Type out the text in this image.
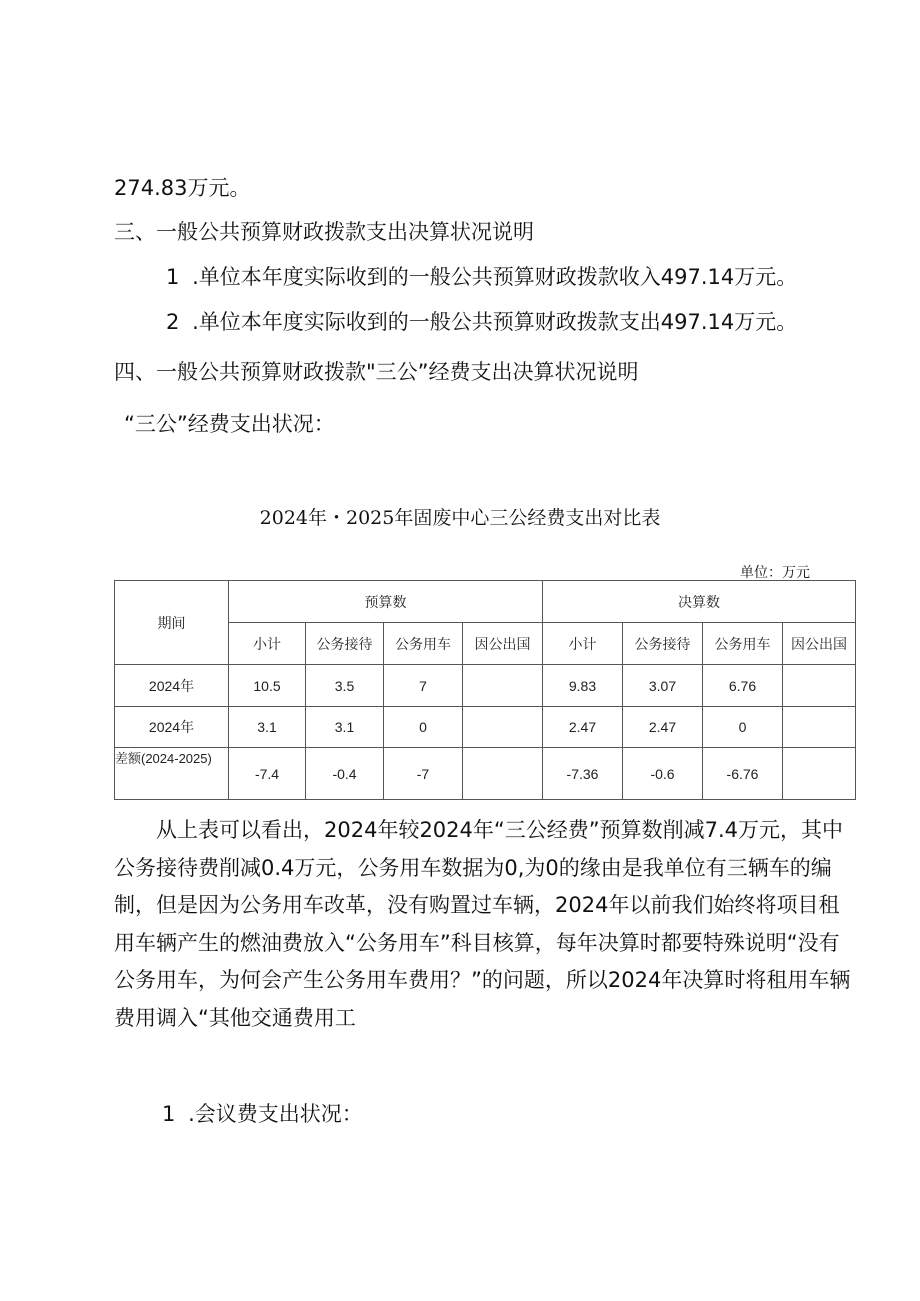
274.83万元。
三、一般公共预算财政拨款支出决算状况说明
1 .单位本年度实际收到的一般公共预算财政拨款收入497.14万元。
2 .单位本年度实际收到的一般公共预算财政拨款支出497.14万元。
四、一般公共预算财政拨款"三公”经费支出决算状况说明
“三公”经费支出状况：
2024年・2025年固废中心三公经费支出对比表
单位：万元
期间	预算数				决算数			
	小计	公务接待	公务用车	因公出国	小计	公务接待	公务用车	因公出国
2024年	10.5	3.5	7		9.83	3.07	6.76	
2024年	3.1	3.1	0		2.47	2.47	0	
差额(2024-2025)	-7.4	-0.4	-7		-7.36	-0.6	-6.76	
从上表可以看出，2024年较2024年“三公经费”预算数削减7.4万元，其中公务接待费削减0.4万元，公务用车数据为0,为0的缘由是我单位有三辆车的编制，但是因为公务用车改革，没有购置过车辆，2024年以前我们始终将项目租用车辆产生的燃油费放入“公务用车”科目核算，每年决算时都要特殊说明“没有公务用车，为何会产生公务用车费用？”的问题，所以2024年决算时将租用车辆费用调入“其他交通费用工
1 .会议费支出状况：
